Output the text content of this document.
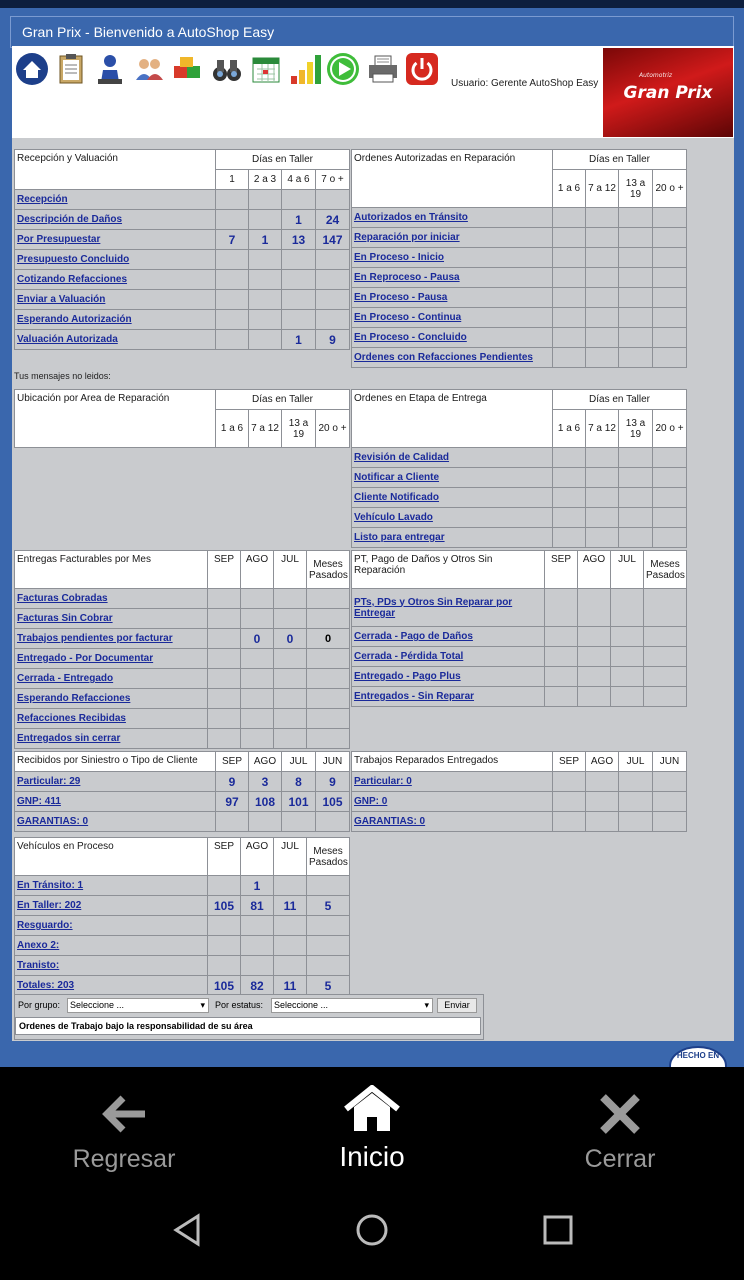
Gran Prix - Bienvenido a AutoShop Easy
Usuario: Gerente AutoShop Easy
Automotriz
Gran Prix
Recepción y Valuación	Días en Taller			
	1	2 a 3	4 a 6	7 o +
Recepción				
Descripción de Daños			1	24
Por Presupuestar	7	1	13	147
Presupuesto Concluido				
Cotizando Refacciones				
Enviar a Valuación				
Esperando Autorización				
Valuación Autorizada			1	9
Ordenes Autorizadas en Reparación	Días en Taller			
	1 a 6	7 a 12	13 a 19	20 o +
Autorizados en Tránsito				
Reparación por iniciar				
En Proceso - Inicio				
En Reproceso - Pausa				
En Proceso - Pausa				
En Proceso - Continua				
En Proceso - Concluido				
Ordenes con Refacciones Pendientes				
Tus mensajes no leidos:
Ubicación por Area de Reparación	Días en Taller			
	1 a 6	7 a 12	13 a 19	20 o +
Ordenes en Etapa de Entrega	Días en Taller			
	1 a 6	7 a 12	13 a 19	20 o +
Revisión de Calidad				
Notificar a Cliente				
Cliente Notificado				
Vehículo Lavado				
Listo para entregar				
Entregas Facturables por Mes	SEP	AGO	JUL	Meses Pasados
Facturas Cobradas				
Facturas Sin Cobrar				
Trabajos pendientes por facturar		0	0	0
Entregado - Por Documentar				
Cerrada - Entregado				
Esperando Refacciones				
Refacciones Recibidas				
Entregados sin cerrar				
PT, Pago de Daños y Otros Sin Reparación	SEP	AGO	JUL	Meses Pasados
PTs, PDs y Otros Sin Reparar por Entregar				
Cerrada - Pago de Daños				
Cerrada - Pérdida Total				
Entregado - Pago Plus				
Entregados - Sin Reparar				
Recibidos por Siniestro o Tipo de Cliente	SEP	AGO	JUL	JUN
Particular: 29	9	3	8	9
GNP: 411	97	108	101	105
GARANTIAS: 0				
Trabajos Reparados Entregados	SEP	AGO	JUL	JUN
Particular: 0				
GNP: 0				
GARANTIAS: 0				
Vehículos en Proceso	SEP	AGO	JUL	Meses Pasados
En Tránsito: 1		1		
En Taller: 202	105	81	11	5
Resguardo:				
Anexo 2:				
Tranisto:				
Totales: 203	105	82	11	5
Por grupo:	Seleccione ... ▾	Por estatus:	Seleccione ... ▾	Enviar
Ordenes de Trabajo bajo la responsabilidad de su área
HECHO EN
Regresar	Inicio	Cerrar
